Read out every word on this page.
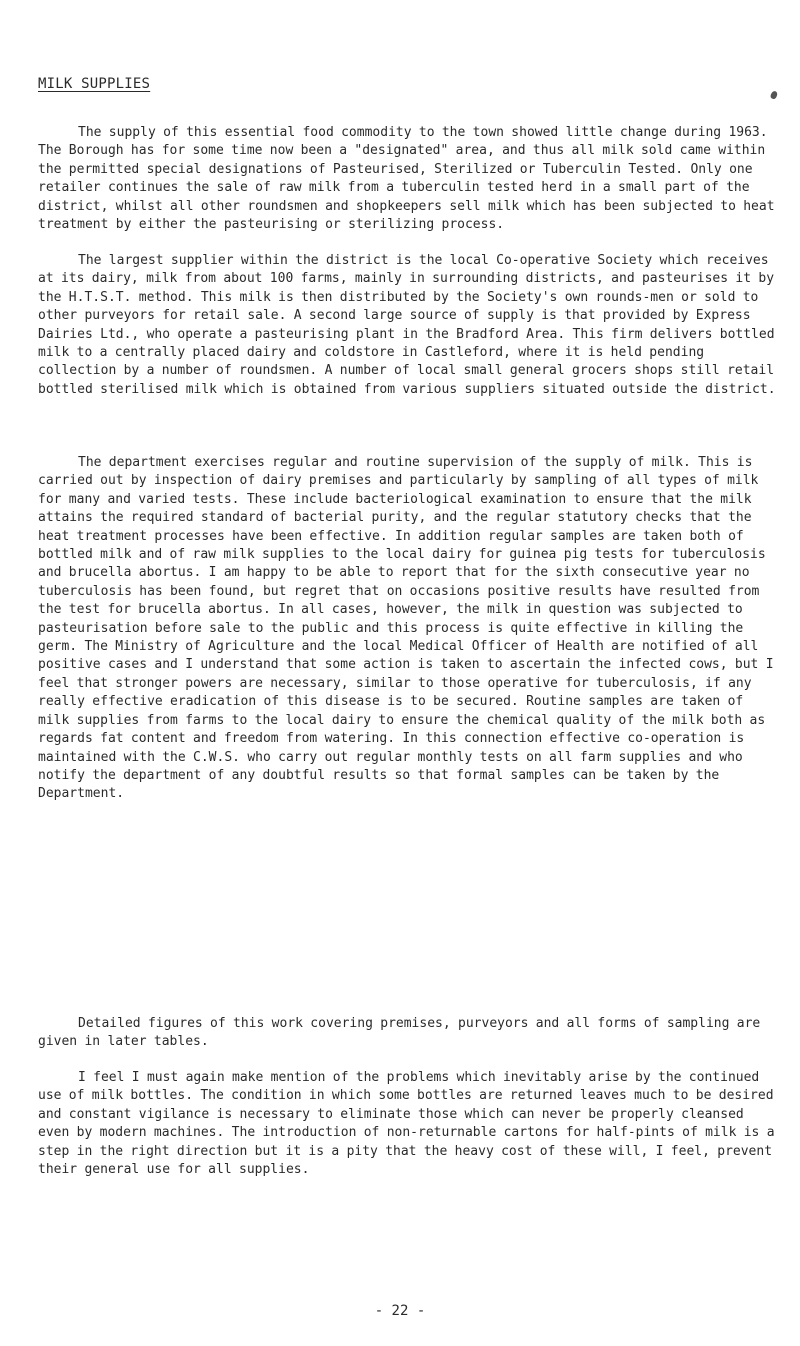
MILK SUPPLIES

The supply of this essential food commodity to the town showed little change during 1963. The Borough has for some time now been a "designated" area, and thus all milk sold came within the permitted special designations of Pasteurised, Sterilized or Tuberculin Tested. Only one retailer continues the sale of raw milk from a tuberculin tested herd in a small part of the district, whilst all other roundsmen and shopkeepers sell milk which has been subjected to heat treatment by either the pasteurising or sterilizing process.

The largest supplier within the district is the local Co-operative Society which receives at its dairy, milk from about 100 farms, mainly in surrounding districts, and pasteurises it by the H.T.S.T. method. This milk is then distributed by the Society's own rounds-men or sold to other purveyors for retail sale. A second large source of supply is that provided by Express Dairies Ltd., who operate a pasteurising plant in the Bradford Area. This firm delivers bottled milk to a centrally placed dairy and coldstore in Castleford, where it is held pending collection by a number of roundsmen. A number of local small general grocers shops still retail bottled sterilised milk which is obtained from various suppliers situated outside the district.

The department exercises regular and routine supervision of the supply of milk. This is carried out by inspection of dairy premises and particularly by sampling of all types of milk for many and varied tests. These include bacteriological examination to ensure that the milk attains the required standard of bacterial purity, and the regular statutory checks that the heat treatment processes have been effective. In addition regular samples are taken both of bottled milk and of raw milk supplies to the local dairy for guinea pig tests for tuberculosis and brucella abortus. I am happy to be able to report that for the sixth consecutive year no tuberculosis has been found, but regret that on occasions positive results have resulted from the test for brucella abortus. In all cases, however, the milk in question was subjected to pasteurisation before sale to the public and this process is quite effective in killing the germ. The Ministry of Agriculture and the local Medical Officer of Health are notified of all positive cases and I understand that some action is taken to ascertain the infected cows, but I feel that stronger powers are necessary, similar to those operative for tuberculosis, if any really effective eradication of this disease is to be secured. Routine samples are taken of milk supplies from farms to the local dairy to ensure the chemical quality of the milk both as regards fat content and freedom from watering. In this connection effective co-operation is maintained with the C.W.S. who carry out regular monthly tests on all farm supplies and who notify the department of any doubtful results so that formal samples can be taken by the Department.

Detailed figures of this work covering premises, purveyors and all forms of sampling are given in later tables.

I feel I must again make mention of the problems which inevitably arise by the continued use of milk bottles. The condition in which some bottles are returned leaves much to be desired and constant vigilance is necessary to eliminate those which can never be properly cleansed even by modern machines. The introduction of non-returnable cartons for half-pints of milk is a step in the right direction but it is a pity that the heavy cost of these will, I feel, prevent their general use for all supplies.

- 22 -
